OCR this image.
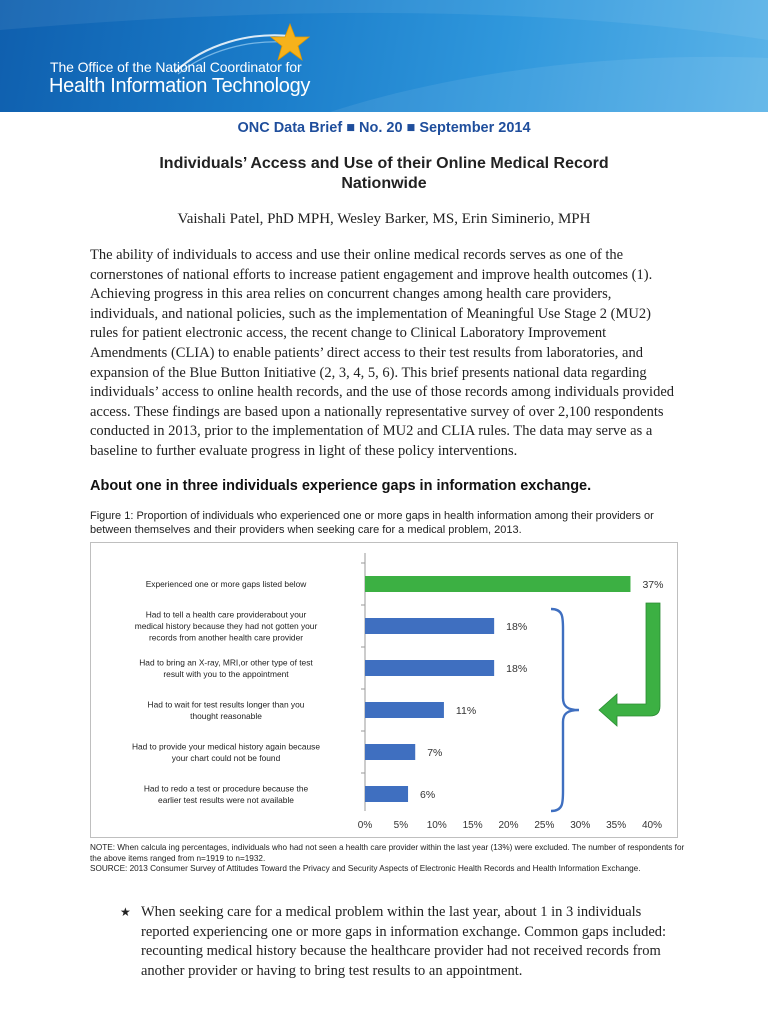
The Office of the National Coordinator for
Health Information Technology
ONC Data Brief ■ No. 20 ■ September 2014
Individuals’ Access and Use of their Online Medical Record Nationwide
Vaishali Patel, PhD MPH, Wesley Barker, MS, Erin Siminerio, MPH

The ability of individuals to access and use their online medical records serves as one of the cornerstones of national efforts to increase patient engagement and improve health outcomes (1). Achieving progress in this area relies on concurrent changes among health care providers, individuals, and national policies, such as the implementation of Meaningful Use Stage 2 (MU2) rules for patient electronic access, the recent change to Clinical Laboratory Improvement Amendments (CLIA) to enable patients’ direct access to their test results from laboratories, and expansion of the Blue Button Initiative (2, 3, 4, 5, 6). This brief presents national data regarding individuals’ access to online health records, and the use of those records among individuals provided access. These findings are based upon a nationally representative survey of over 2,100 respondents conducted in 2013, prior to the implementation of MU2 and CLIA rules. The data may serve as a baseline to further evaluate progress in light of these policy interventions.

About one in three individuals experience gaps in information exchange.
Figure 1: Proportion of individuals who experienced one or more gaps in health information among their providers or between themselves and their providers when seeking care for a medical problem, 2013.
37%
Experienced one or more gaps listed below
18%
Had to tell a health care providerabout your medical history because they had not gotten your records from another health care provider
18%
Had to bring an X-ray, MRI,or other type of test result with you to the appointment
11%
Had to wait for test results longer than you thought reasonable
7%
Had to provide your medical history again because your chart could not be found
6%
Had to redo a test or procedure because the earlier test results were not available
0% 5% 10% 15% 20% 25% 30% 35% 40%
NOTE: When calcula ing percentages, individuals who had not seen a health care provider within the last year (13%) were excluded. The number of respondents for the above items ranged from n=1919 to n=1932.
SOURCE: 2013 Consumer Survey of Attitudes Toward the Privacy and Security Aspects of Electronic Health Records and Health Information Exchange.
★ When seeking care for a medical problem within the last year, about 1 in 3 individuals reported experiencing one or more gaps in information exchange. Common gaps included: recounting medical history because the healthcare provider had not received records from another provider or having to bring test results to an appointment.
